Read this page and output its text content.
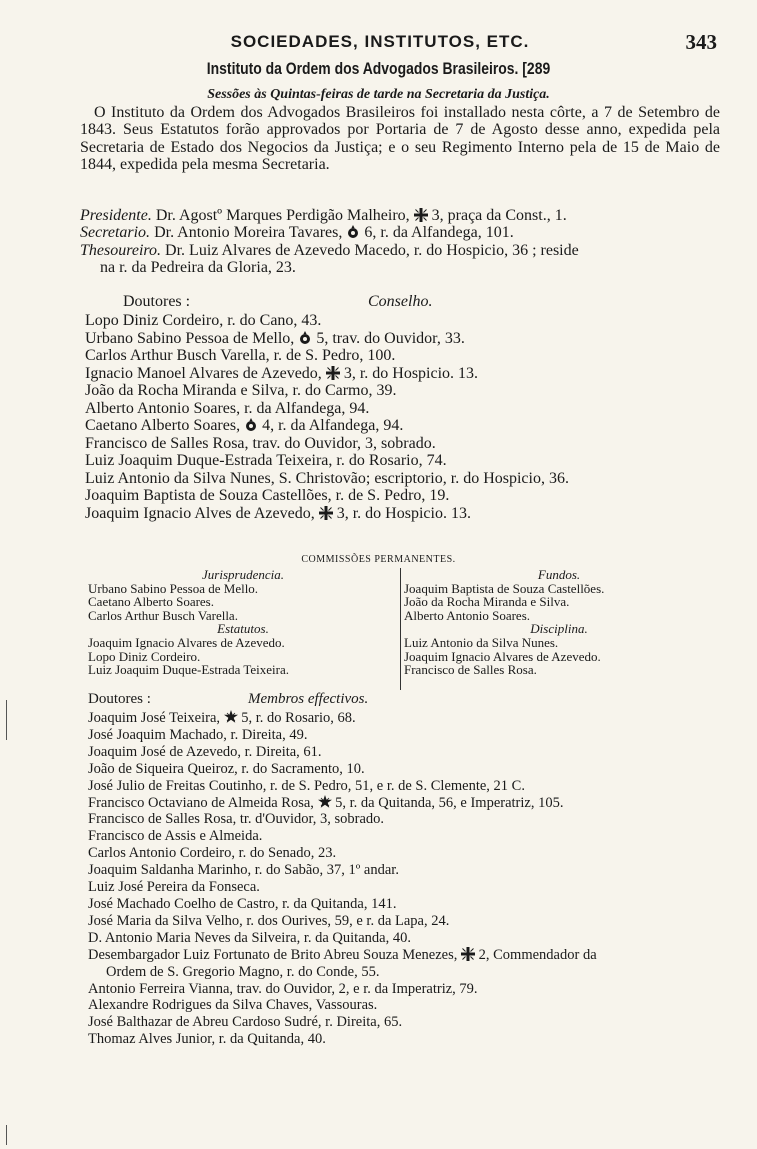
SOCIEDADES, INSTITUTOS, ETC.	343
Instituto da Ordem dos Advogados Brasileiros. [289
Sessões às Quintas-feiras de tarde na Secretaria da Justiça.

O Instituto da Ordem dos Advogados Brasileiros foi installado nesta côrte, a 7 de Setembro de 1843. Seus Estatutos forão approvados por Portaria de 7 de Agosto desse anno, expedida pela Secretaria de Estado dos Negocios da Justiça; e o seu Regimento Interno pela de 15 de Maio de 1844, expedida pela mesma Secretaria.

Presidente. Dr. Agostº Marques Perdigão Malheiro, 3, praça da Const., 1.
Secretario. Dr. Antonio Moreira Tavares, 6, r. da Alfandega, 101.
Thesoureiro. Dr. Luiz Alvares de Azevedo Macedo, r. do Hospicio, 36 ; reside
na r. da Pedreira da Gloria, 23.
Doutores :	Conselho.
Lopo Diniz Cordeiro, r. do Cano, 43.
Urbano Sabino Pessoa de Mello, 5, trav. do Ouvidor, 33.
Carlos Arthur Busch Varella, r. de S. Pedro, 100.
Ignacio Manoel Alvares de Azevedo, 3, r. do Hospicio. 13.
João da Rocha Miranda e Silva, r. do Carmo, 39.
Alberto Antonio Soares, r. da Alfandega, 94.
Caetano Alberto Soares, 4, r. da Alfandega, 94.
Francisco de Salles Rosa, trav. do Ouvidor, 3, sobrado.
Luiz Joaquim Duque-Estrada Teixeira, r. do Rosario, 74.
Luiz Antonio da Silva Nunes, S. Christovão; escriptorio, r. do Hospicio, 36.
Joaquim Baptista de Souza Castellões, r. de S. Pedro, 19.
Joaquim Ignacio Alves de Azevedo, 3, r. do Hospicio. 13.
COMMISSÕES PERMANENTES.
Jurisprudencia.
Urbano Sabino Pessoa de Mello.
Caetano Alberto Soares.
Carlos Arthur Busch Varella.
Estatutos.
Joaquim Ignacio Alvares de Azevedo.
Lopo Diniz Cordeiro.
Luiz Joaquim Duque-Estrada Teixeira.
Fundos.
Joaquim Baptista de Souza Castellões.
João da Rocha Miranda e Silva.
Alberto Antonio Soares.
Disciplina.
Luiz Antonio da Silva Nunes.
Joaquim Ignacio Alvares de Azevedo.
Francisco de Salles Rosa.
Doutores :	Membros effectivos.
Joaquim José Teixeira, 5, r. do Rosario, 68.
José Joaquim Machado, r. Direita, 49.
Joaquim José de Azevedo, r. Direita, 61.
João de Siqueira Queiroz, r. do Sacramento, 10.
José Julio de Freitas Coutinho, r. de S. Pedro, 51, e r. de S. Clemente, 21 C.
Francisco Octaviano de Almeida Rosa, 5, r. da Quitanda, 56, e Imperatriz, 105.
Francisco de Salles Rosa, tr. d'Ouvidor, 3, sobrado.
Francisco de Assis e Almeida.
Carlos Antonio Cordeiro, r. do Senado, 23.
Joaquim Saldanha Marinho, r. do Sabão, 37, 1º andar.
Luiz José Pereira da Fonseca.
José Machado Coelho de Castro, r. da Quitanda, 141.
José Maria da Silva Velho, r. dos Ourives, 59, e r. da Lapa, 24.
D. Antonio Maria Neves da Silveira, r. da Quitanda, 40.
Desembargador Luiz Fortunato de Brito Abreu Souza Menezes, 2, Commendador da
Ordem de S. Gregorio Magno, r. do Conde, 55.
Antonio Ferreira Vianna, trav. do Ouvidor, 2, e r. da Imperatriz, 79.
Alexandre Rodrigues da Silva Chaves, Vassouras.
José Balthazar de Abreu Cardoso Sudré, r. Direita, 65.
Thomaz Alves Junior, r. da Quitanda, 40.
